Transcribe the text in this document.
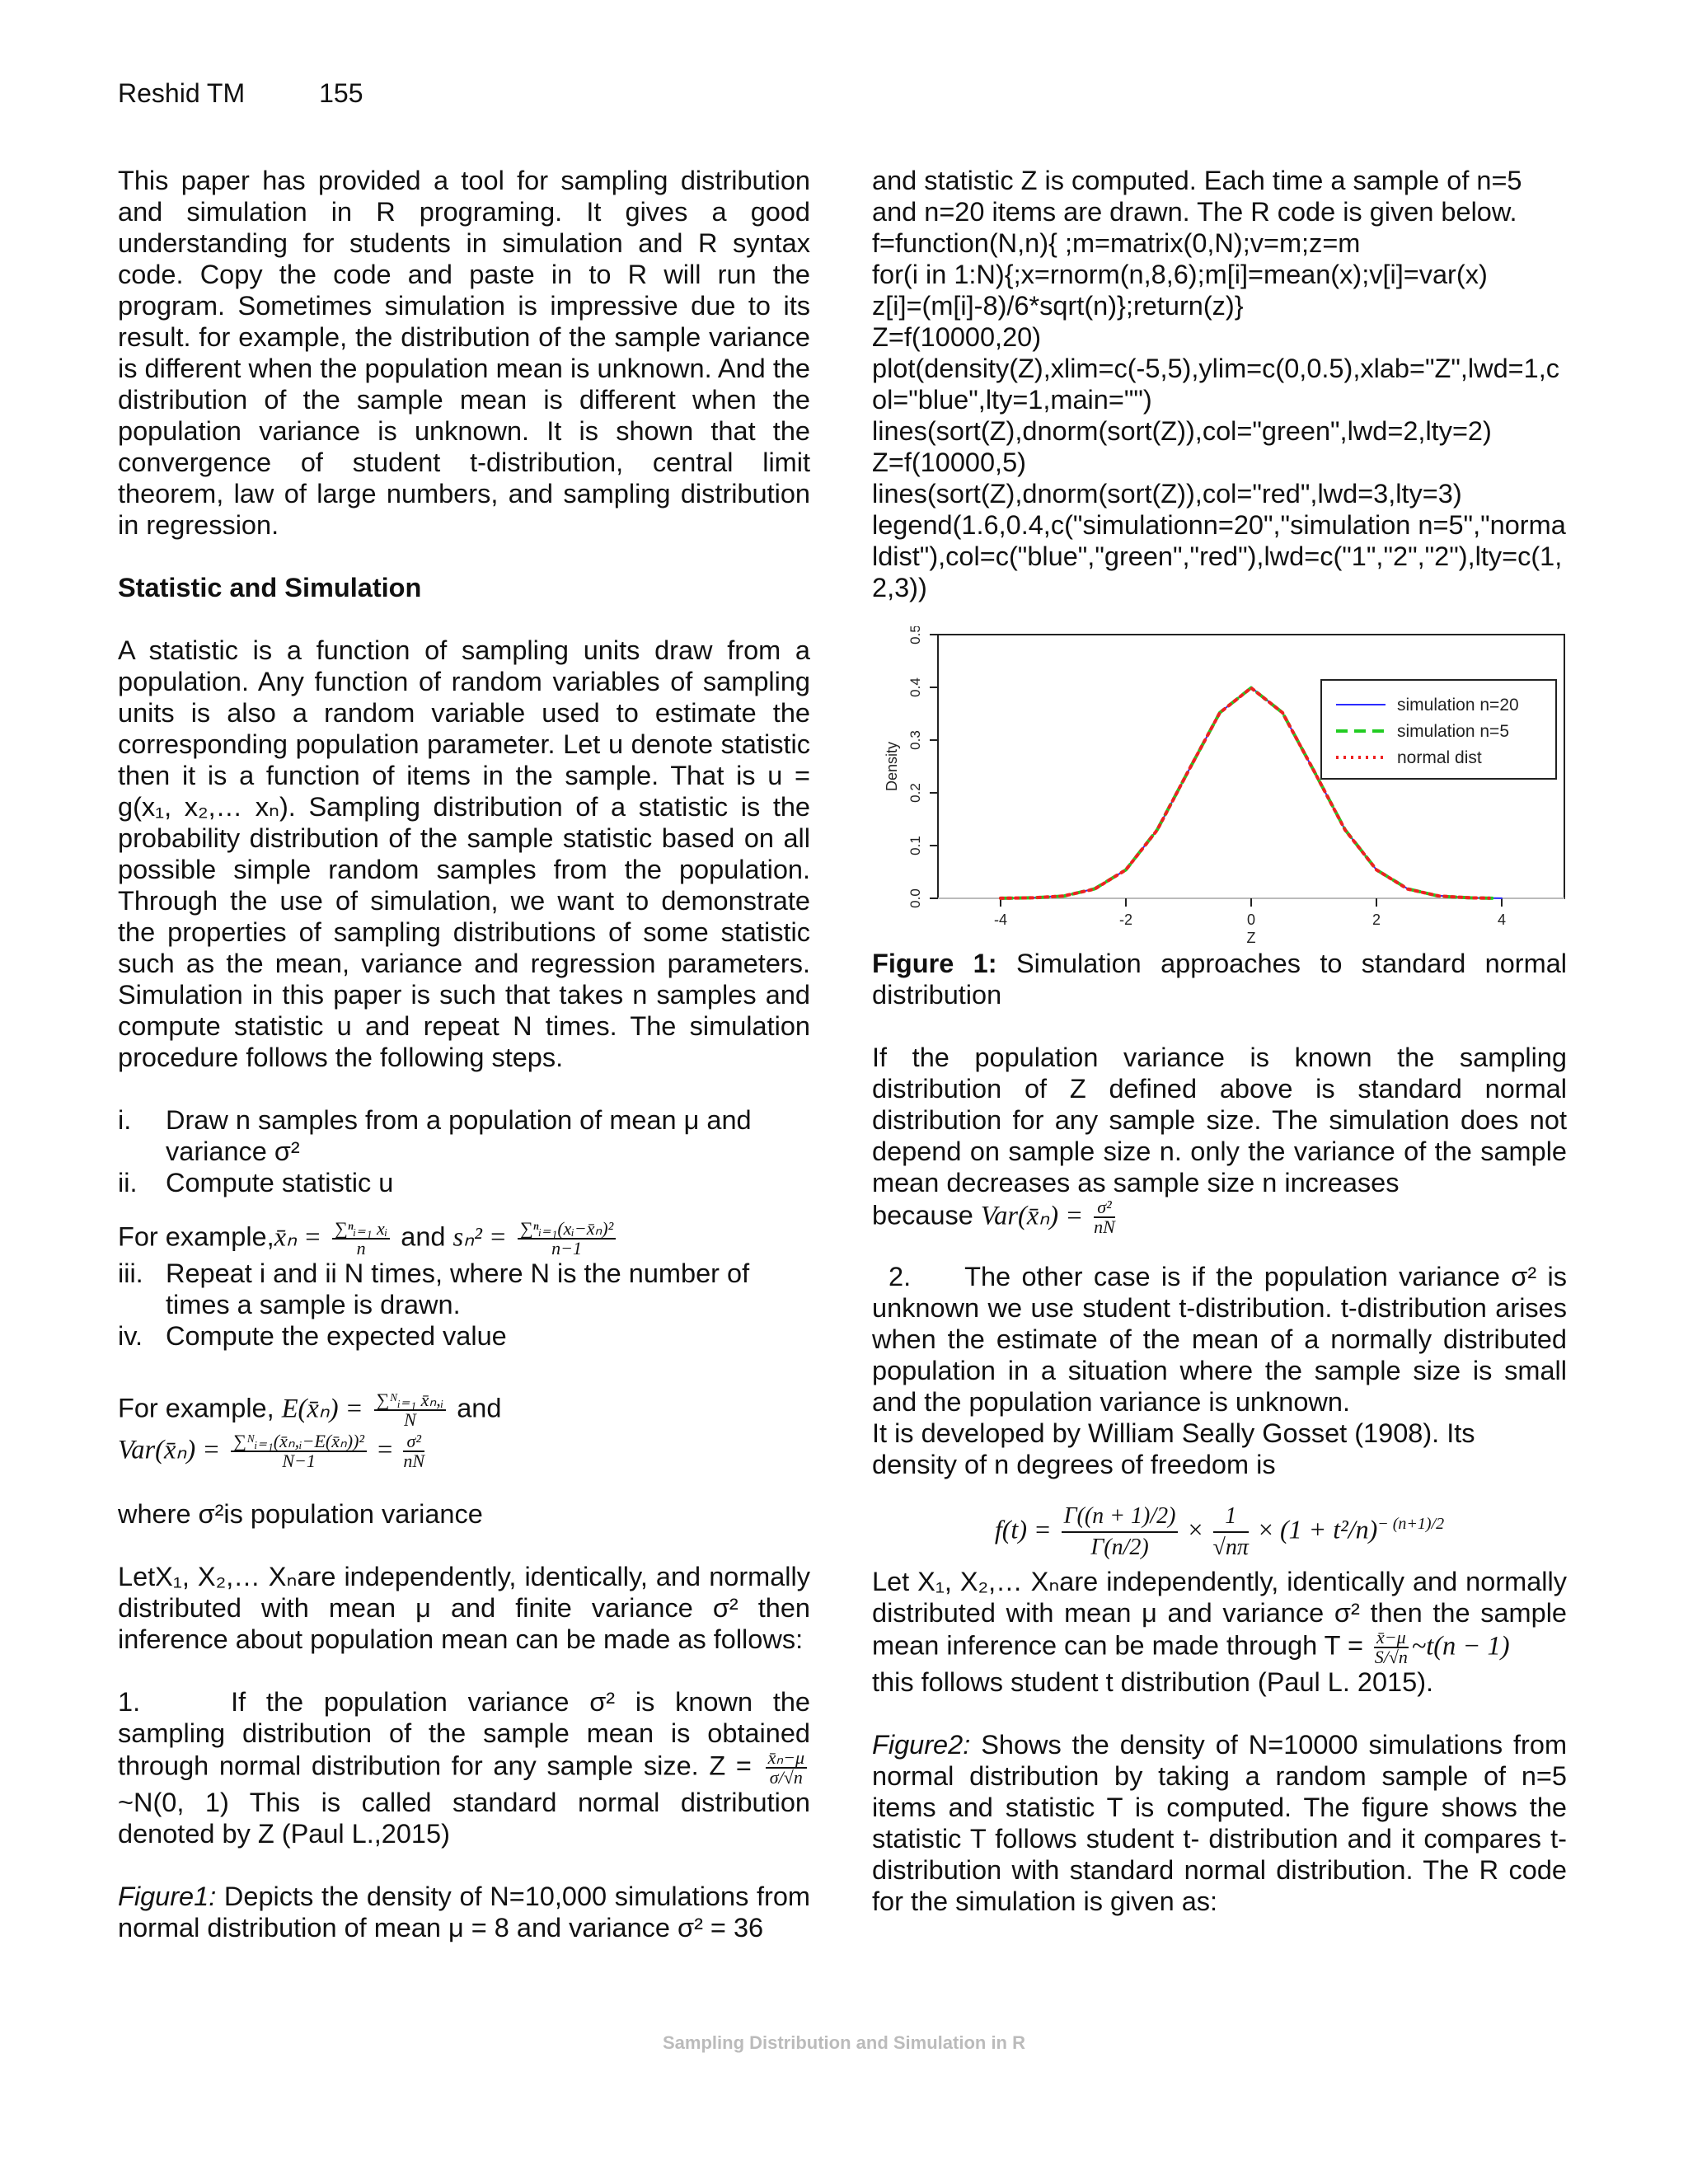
Reshid TM	155

This paper has provided a tool for sampling distribution and simulation in R programing. It gives a good understanding for students in simulation and R syntax code. Copy the code and paste in to R will run the program. Sometimes simulation is impressive due to its result. for example, the distribution of the sample variance is different when the population mean is unknown. And the distribution of the sample mean is different when the population variance is unknown. It is shown that the convergence of student t-distribution, central limit theorem, law of large numbers, and sampling distribution in regression.

Statistic and Simulation

A statistic is a function of sampling units draw from a population. Any function of random variables of sampling units is also a random variable used to estimate the corresponding population parameter. Let u denote statistic then it is a function of items in the sample. That is u = g(x₁, x₂,… xₙ). Sampling distribution of a statistic is the probability distribution of the sample statistic based on all possible simple random samples from the population. Through the use of simulation, we want to demonstrate the properties of sampling distributions of some statistic such as the mean, variance and regression parameters. Simulation in this paper is such that takes n samples and compute statistic u and repeat N times. The simulation procedure follows the following steps.

i. Draw n samples from a population of mean μ and variance σ²
ii. Compute statistic u

For example,x̄ₙ = $\frac{\text{∑ⁿᵢ₌₁ xᵢ}}{n}$ and $s_n^2 = \frac{\text{∑ⁿᵢ₌₁(xᵢ−x̄ₙ)²}}{n-1}$

iii. Repeat i and ii N times, where N is the number of times a sample is drawn.
iv. Compute the expected value

For example, E(x̄ₙ) = $\frac{\text{∑ᴺᵢ₌₁ x̄ₙ,ᵢ}}{N}$ and

Var(x̄ₙ) = $\frac{\text{∑ᴺᵢ₌₁(x̄ₙ,ᵢ−E(x̄ₙ))²}}{N-1} = \frac{\text{σ²}}{nN}$

where σ²is population variance

LetX₁, X₂,… Xₙare independently, identically, and normally distributed with mean μ and finite variance σ² then inference about population mean can be made as follows:

1.	If the population variance σ² is known the sampling distribution of the sample mean is obtained through normal distribution for any sample size. $Z = \frac{\text{x̄ₙ−μ}}{\sigma/√n}$
~N(0, 1) This is called standard normal distribution denoted by Z (Paul L.,2015)

Figure1: Depicts the density of N=10,000 simulations from normal distribution of mean μ = 8 and variance σ² = 36

and statistic Z is computed. Each time a sample of n=5 and n=20 items are drawn. The R code is given below.

f=function(N,n){ ;m=matrix(0,N);v=m;z=m
for(i in 1:N){;x=rnorm(n,8,6);m[i]=mean(x);v[i]=var(x)
z[i]=(m[i]-8)/6*sqrt(n)};return(z)}
Z=f(10000,20)
plot(density(Z),xlim=c(-5,5),ylim=c(0,0.5),xlab="Z",lwd=1,col="blue",lty=1,main="")
lines(sort(Z),dnorm(sort(Z)),col="green",lwd=2,lty=2)
Z=f(10000,5)
lines(sort(Z),dnorm(sort(Z)),col="red",lwd=3,lty=3)
legend(1.6,0.4,c("simulationn=20","simulation n=5","normaldist"),col=c("blue","green","red"),lwd=c("1","2","2"),lty=c(1,2,3))
-4	-2	0	2	4
0.0
0.1
0.2
0.3
0.4
0.5
Z
Density
simulation n=20
simulation n=5
normal dist

Figure 1: Simulation approaches to standard normal distribution

If the population variance is known the sampling distribution of Z defined above is standard normal distribution for any sample size. The simulation does not depend on sample size n. only the variance of the sample mean decreases as sample size n increases

because Var(x̄ₙ) = $\frac{\text{σ²}}{nN}$

2. The other case is if the population variance σ² is unknown we use student t-distribution. t-distribution arises when the estimate of the mean of a normally distributed population in a situation where the sample size is small and the population variance is unknown.

It is developed by William Seally Gosset (1908). Its density of n degrees of freedom is

$f(t) = \frac{\Gamma((n + 1)/2)}{\Gamma(n/2)} \times \frac{1}{√n\pi} \times (1 + t^2/n)^{- (n+1)/2}$

Let X₁, X₂,… Xₙare independently, identically and normally distributed with mean μ and variance σ² then the sample mean inference can be made through $T = \frac{x̄-\mu}{S/√n}$ ~t(n − 1)

this follows student t distribution (Paul L. 2015).

Figure2: Shows the density of N=10000 simulations from normal distribution by taking a random sample of n=5 items and statistic T is computed. The figure shows the statistic T follows student t- distribution and it compares t-distribution with standard normal distribution. The R code for the simulation is given as:

Sampling Distribution and Simulation in R
